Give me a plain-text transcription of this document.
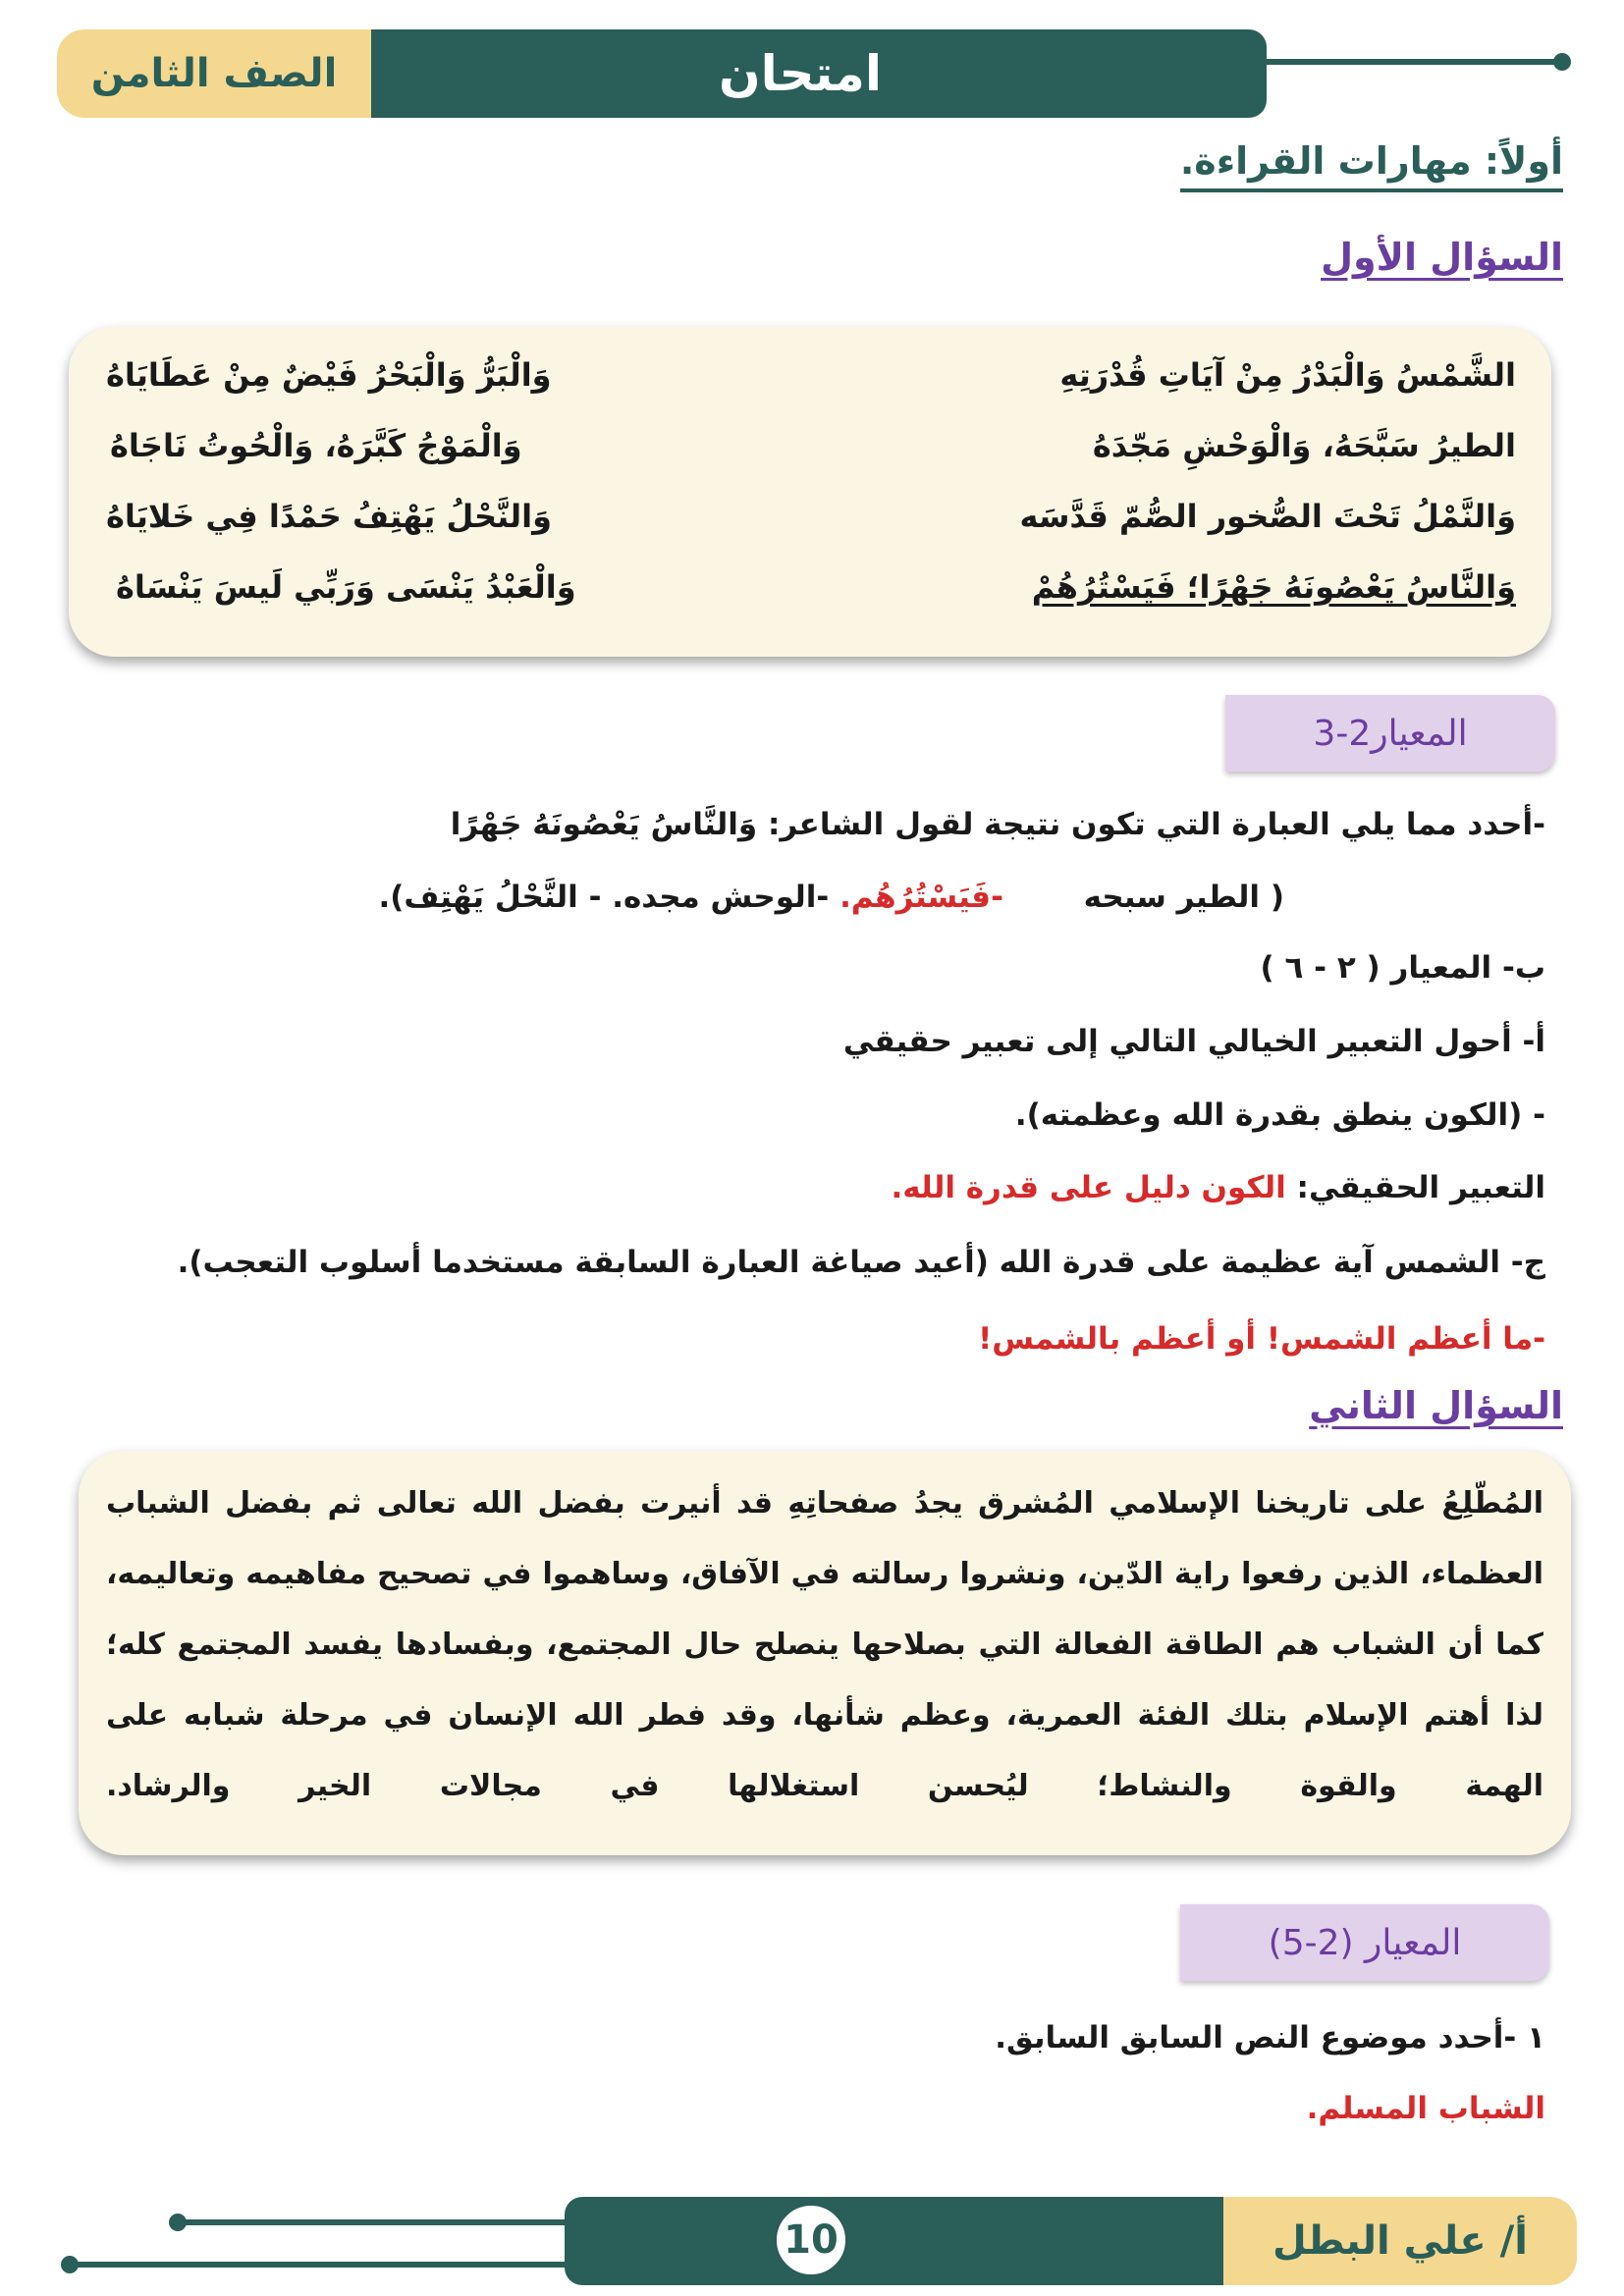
امتحان
الصف الثامن
أولاً: مهارات القراءة.
السؤال الأول
الشَّمْسُ وَالْبَدْرُ مِنْ آيَاتِ قُدْرَتِهِ
وَالْبَرُّ وَالْبَحْرُ فَيْضٌ مِنْ عَطَايَاهُ
الطيرُ سَبَّحَهُ، وَالْوَحْشِ مَجّدَهُ
وَالْمَوْجُ كَبَّرَهُ، وَالْحُوتُ نَاجَاهُ
وَالنَّمْلُ تَحْتَ الصُّخور الصُّمّ قَدَّسَه
وَالنَّحْلُ يَهْتِفُ حَمْدًا فِي خَلايَاهُ
وَالنَّاسُ يَعْصُونَهُ جَهْرًا؛ فَيَسْتُرُهُمْ
وَالْعَبْدُ يَنْسَى وَرَبِّي لَيسَ يَنْسَاهُ
المعيار2-3
-أحدد مما يلي العبارة التي تكون نتيجة لقول الشاعر: وَالنَّاسُ يَعْصُونَهُ جَهْرًا
( الطير سبحه  -فَيَسْتُرُهُم. -الوحش مجده. - النَّحْلُ يَهْتِف).
ب- المعيار ( ٢ - ٦ )
أ- أحول التعبير الخيالي التالي إلى تعبير حقيقي
- (الكون ينطق بقدرة الله وعظمته).
التعبير الحقيقي: الكون دليل على قدرة الله.
ج- الشمس آية عظيمة على قدرة الله (أعيد صياغة العبارة السابقة مستخدما أسلوب التعجب).
-ما أعظم الشمس! أو أعظم بالشمس!
السؤال الثاني
المُطّلِعُ على تاريخنا الإسلامي المُشرق يجدُ صفحاتِهِ قد أنيرت بفضل الله تعالى ثم بفضل الشباب العظماء، الذين رفعوا راية الدّين، ونشروا رسالته في الآفاق، وساهموا في تصحيح مفاهيمه وتعاليمه، كما أن الشباب هم الطاقة الفعالة التي بصلاحها ينصلح حال المجتمع، وبفسادها يفسد المجتمع كله؛ لذا أهتم الإسلام بتلك الفئة العمرية، وعظم شأنها، وقد فطر الله الإنسان في مرحلة شبابه على الهمة والقوة والنشاط؛ ليُحسن استغلالها في مجالات الخير والرشاد.
المعيار (2-5)
١ -أحدد موضوع النص السابق السابق.
الشباب المسلم.
10	أ/ علي البطل
